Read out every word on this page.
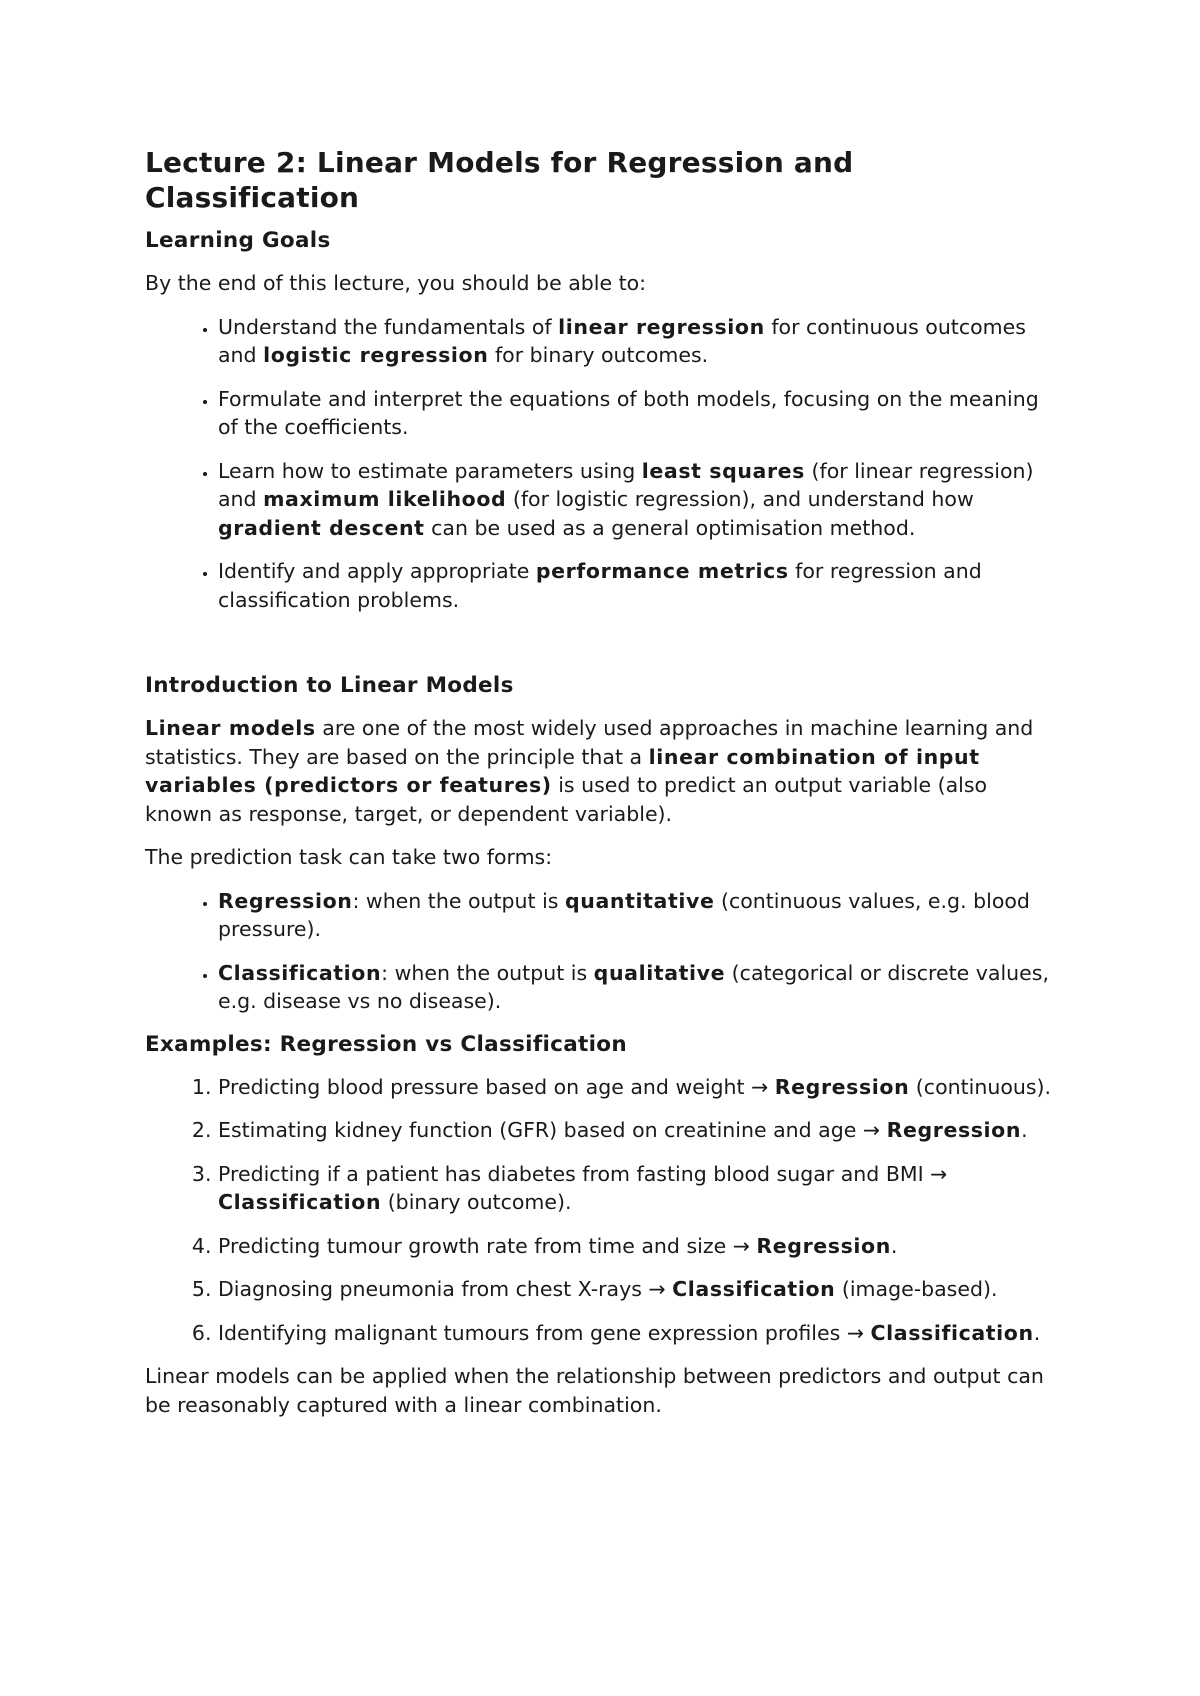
Lecture 2: Linear Models for Regression and Classification
Learning Goals

By the end of this lecture, you should be able to:

• Understand the fundamentals of linear regression for continuous outcomes and logistic regression for binary outcomes.
• Formulate and interpret the equations of both models, focusing on the meaning of the coefficients.
• Learn how to estimate parameters using least squares (for linear regression) and maximum likelihood (for logistic regression), and understand how gradient descent can be used as a general optimisation method.
• Identify and apply appropriate performance metrics for regression and classification problems.
Introduction to Linear Models

Linear models are one of the most widely used approaches in machine learning and statistics. They are based on the principle that a linear combination of input variables (predictors or features) is used to predict an output variable (also known as response, target, or dependent variable).

The prediction task can take two forms:

• Regression: when the output is quantitative (continuous values, e.g. blood pressure).
• Classification: when the output is qualitative (categorical or discrete values, e.g. disease vs no disease).
Examples: Regression vs Classification
1. Predicting blood pressure based on age and weight → Regression (continuous).
2. Estimating kidney function (GFR) based on creatinine and age → Regression.
3. Predicting if a patient has diabetes from fasting blood sugar and BMI → Classification (binary outcome).
4. Predicting tumour growth rate from time and size → Regression.
5. Diagnosing pneumonia from chest X-rays → Classification (image-based).
6. Identifying malignant tumours from gene expression profiles → Classification.

Linear models can be applied when the relationship between predictors and output can be reasonably captured with a linear combination.
